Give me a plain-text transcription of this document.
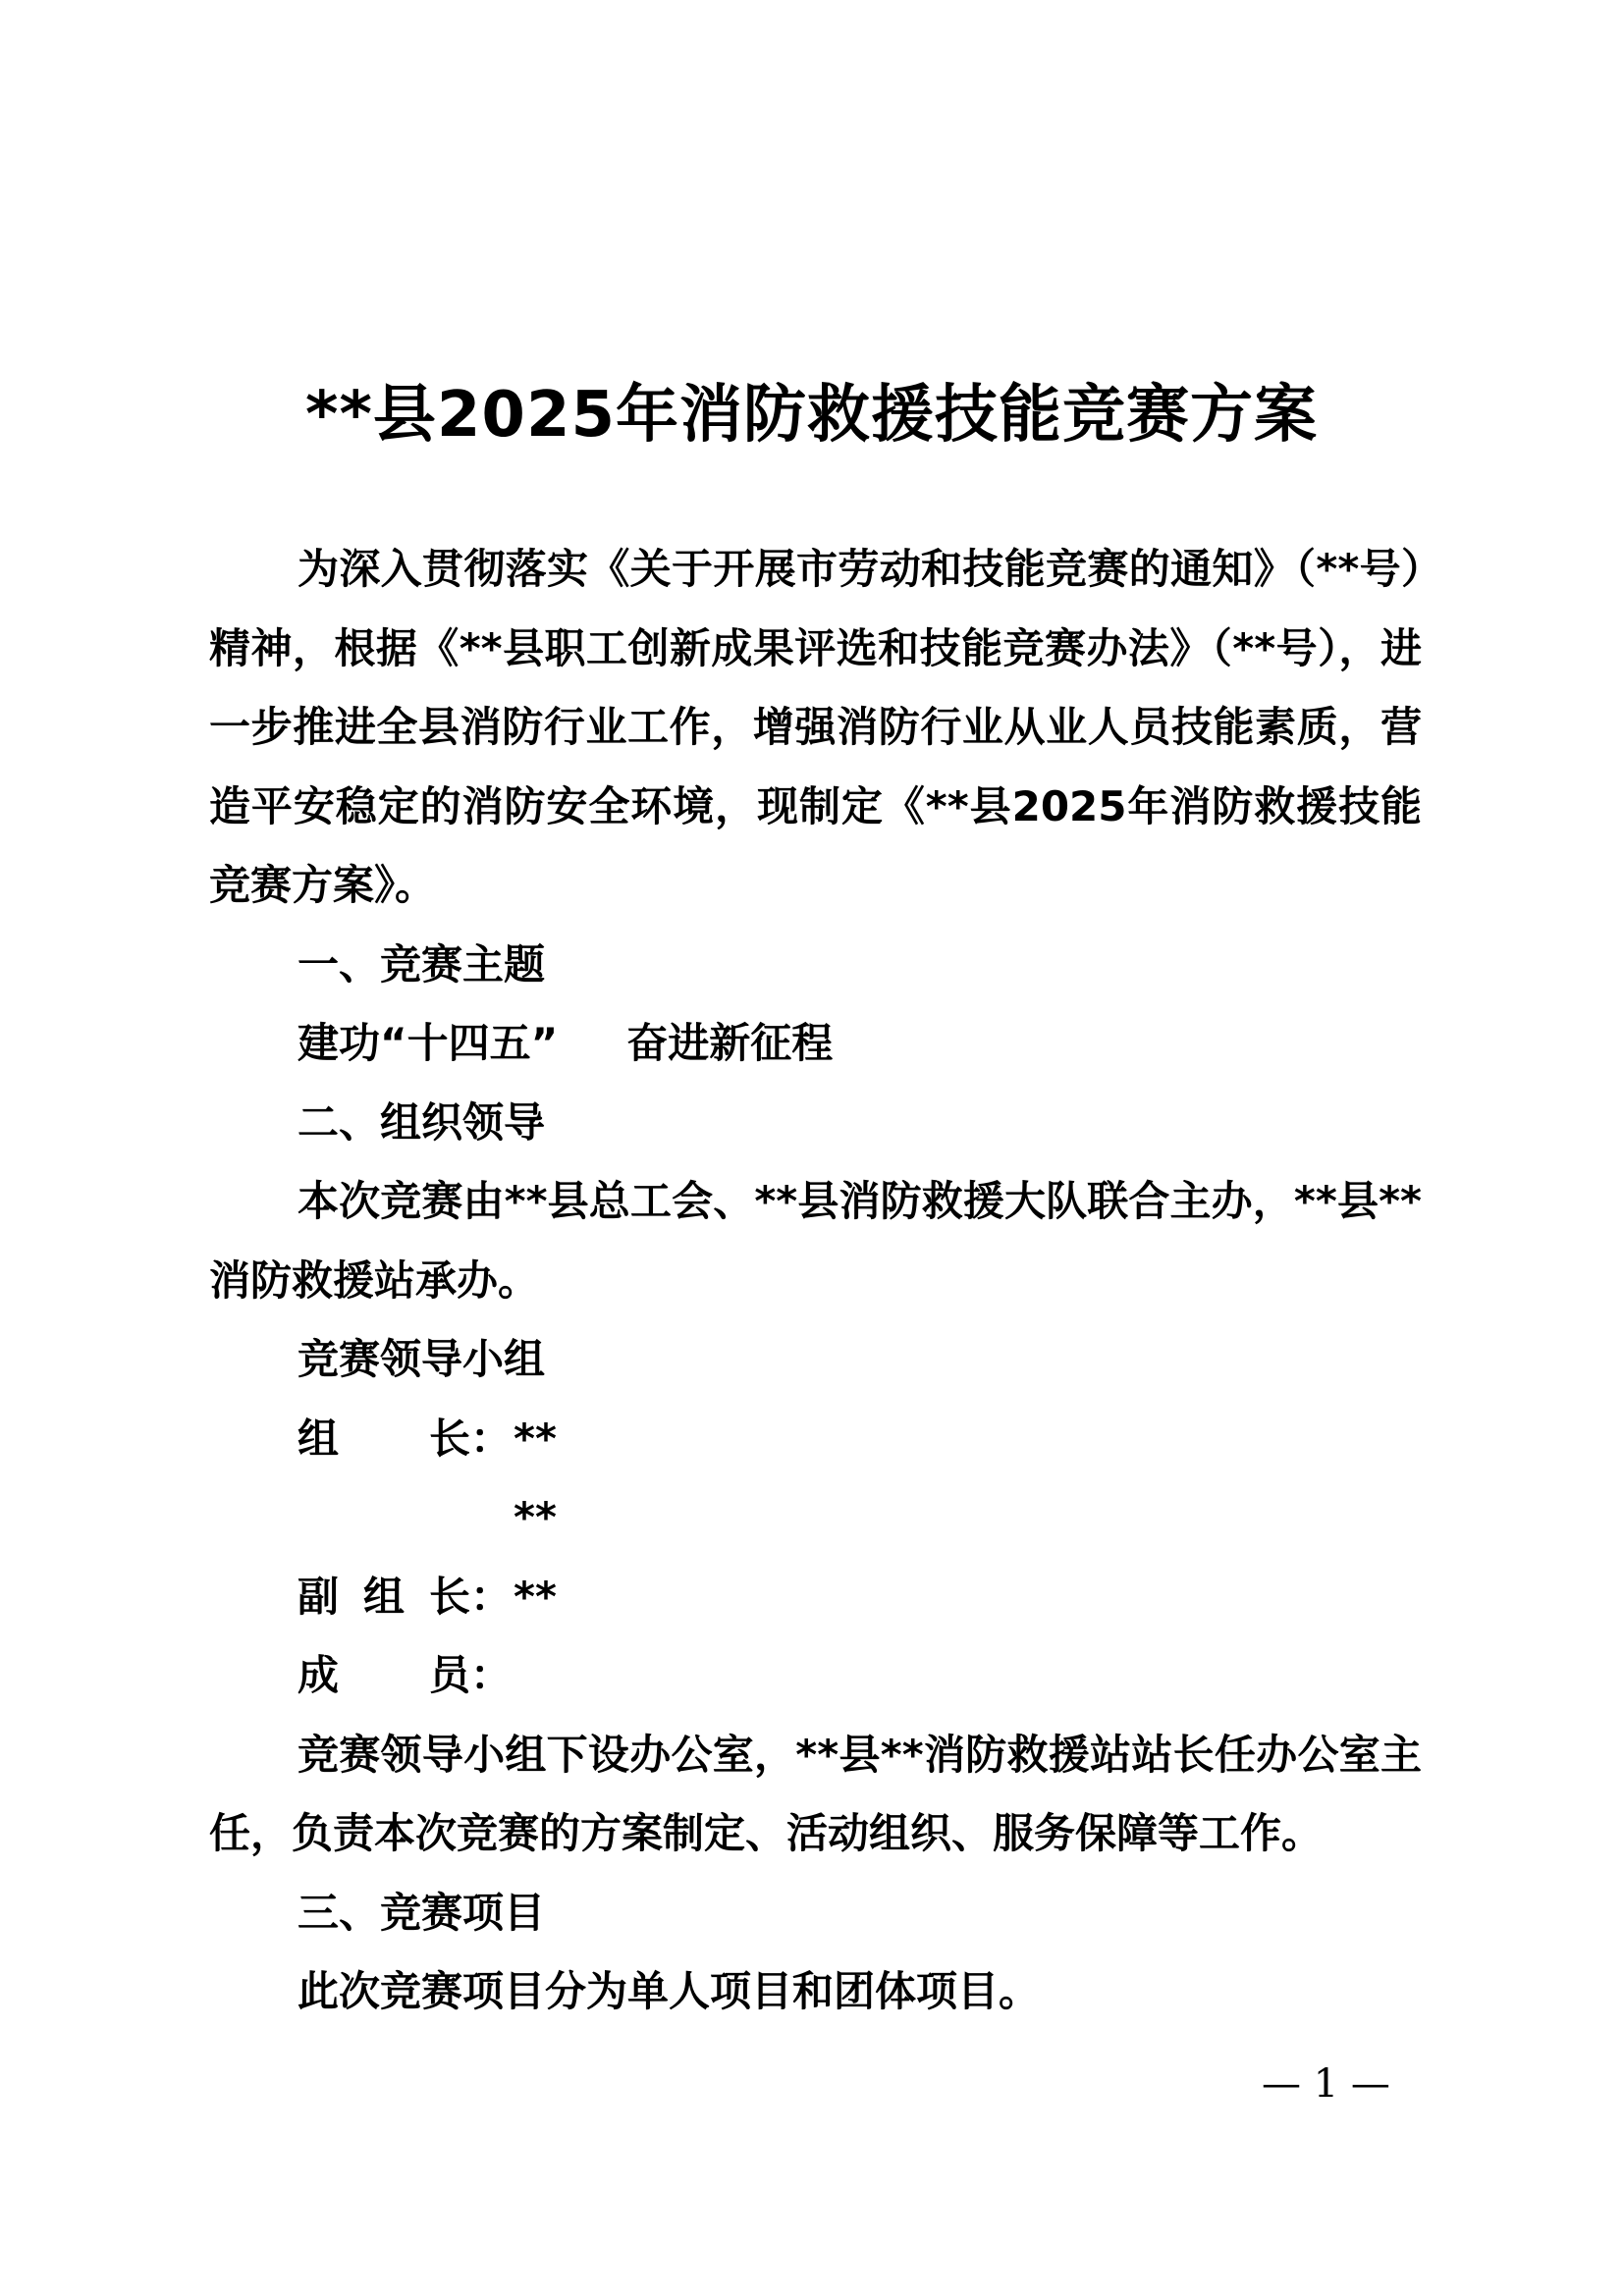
**县2025年消防救援技能竞赛方案

为深入贯彻落实《关于开展市劳动和技能竞赛的通知》（**号）精神，根据《**县职工创新成果评选和技能竞赛办法》（**号），进一步推进全县消防行业工作，增强消防行业从业人员技能素质，营造平安稳定的消防安全环境，现制定《**县2025年消防救援技能竞赛方案》。

一、竞赛主题

建功“十四五” 奋进新征程

二、组织领导

本次竞赛由**县总工会、**县消防救援大队联合主办，**县**消防救援站承办。

竞赛领导小组

组 长： **
**
副 组 长： **
成 员：

竞赛领导小组下设办公室，**县**消防救援站站长任办公室主任，负责本次竞赛的方案制定、活动组织、服务保障等工作。

三、竞赛项目

此次竞赛项目分为单人项目和团体项目。

— 1 —
